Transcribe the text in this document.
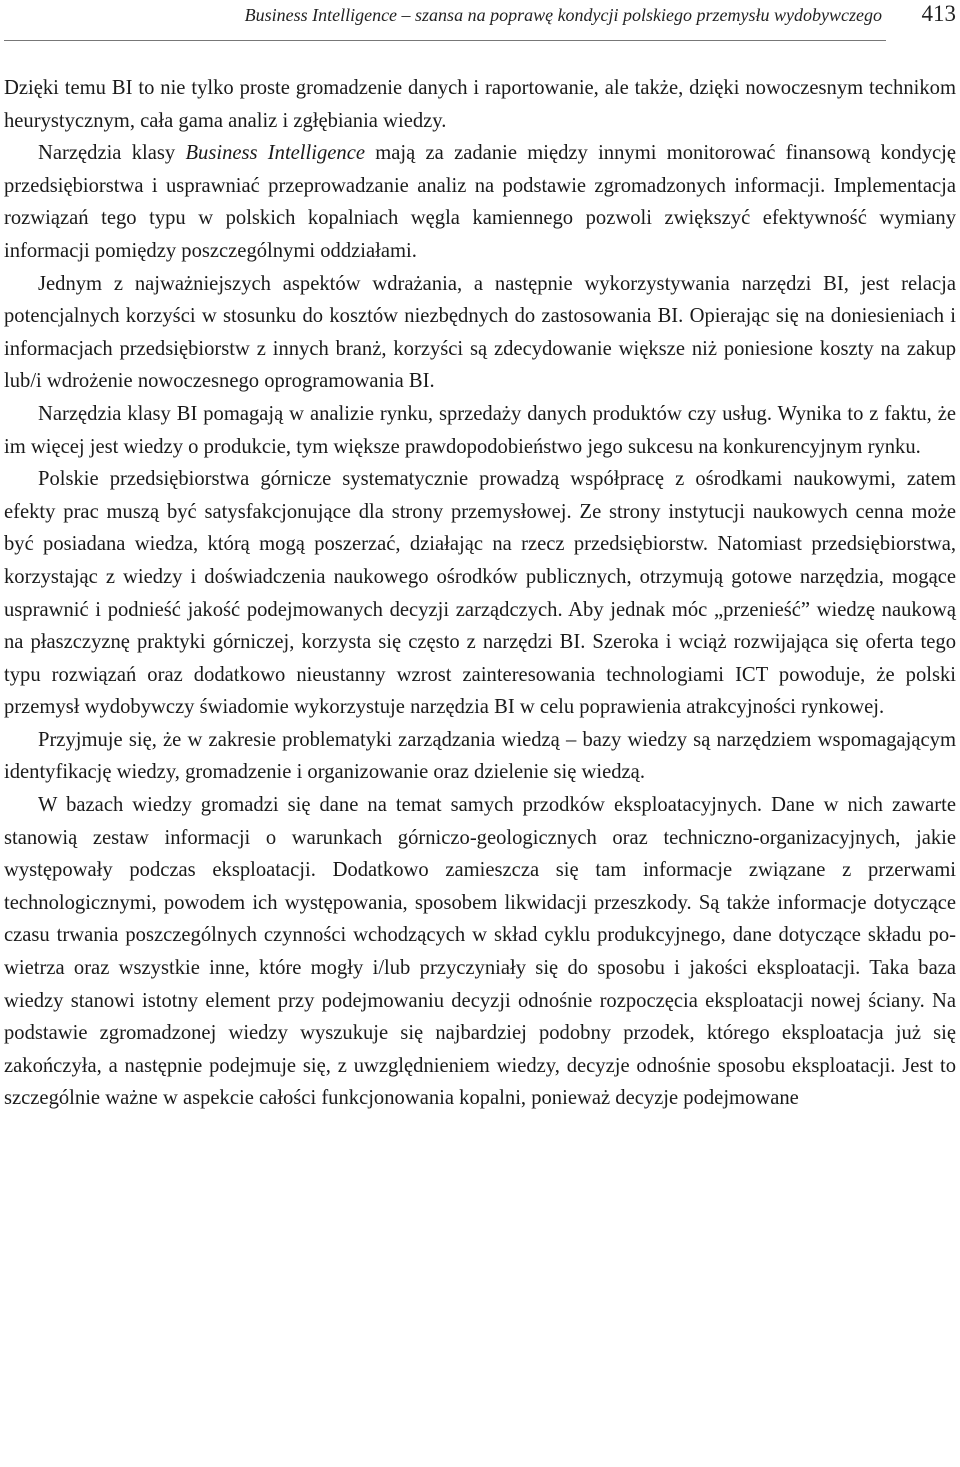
Business Intelligence – szansa na poprawę kondycji polskiego przemysłu wydobywczego	413

Dzięki temu BI to nie tylko proste gromadzenie danych i raportowanie, ale także, dzięki nowoczesnym technikom heurystycznym, cała gama analiz i zgłębiania wiedzy.

Narzędzia klasy Business Intelligence mają za zadanie między innymi monitorować finansową kondycję przedsiębiorstwa i usprawniać przeprowadzanie analiz na podstawie zgromadzonych informacji. Implementacja rozwiązań tego typu w polskich kopalniach węgla kamiennego pozwoli zwiększyć efektywność wymiany informacji pomiędzy poszczególnymi oddziałami.

Jednym z najważniejszych aspektów wdrażania, a następnie wykorzystywania narzędzi BI, jest relacja potencjalnych korzyści w stosunku do kosztów niezbędnych do zastosowania BI. Opierając się na doniesieniach i informacjach przedsiębiorstw z innych branż, korzyści są zdecydowanie większe niż poniesione koszty na zakup lub/i wdrożenie nowoczesnego oprogramowania BI.

Narzędzia klasy BI pomagają w analizie rynku, sprzedaży danych produktów czy usług. Wynika to z faktu, że im więcej jest wiedzy o produkcie, tym większe prawdopodobieństwo jego sukcesu na konkurencyjnym rynku.

Polskie przedsiębiorstwa górnicze systematycznie prowadzą współpracę z ośrodkami naukowymi, zatem efekty prac muszą być satysfakcjonujące dla strony przemysłowej. Ze strony instytucji naukowych cenna może być posiadana wiedza, którą mogą poszerzać, działając na rzecz przedsiębiorstw. Natomiast przedsiębiorstwa, korzystając z wiedzy i doświadczenia naukowego ośrodków publicznych, otrzymują gotowe narzędzia, mogące usprawnić i podnieść jakość podejmowanych decyzji zarządczych. Aby jednak móc „przenieść” wiedzę naukową na płaszczyznę praktyki górniczej, korzysta się często z narzędzi BI. Szeroka i wciąż rozwijająca się oferta tego typu rozwiązań oraz dodatkowo nieustanny wzrost zainteresowania technologiami ICT powoduje, że polski przemysł wydobywczy świadomie wykorzystuje narzędzia BI w celu poprawienia atrakcyjności rynkowej.

Przyjmuje się, że w zakresie problematyki zarządzania wiedzą – bazy wiedzy są narzędziem wspomagającym identyfikację wiedzy, gromadzenie i organizowanie oraz dzielenie się wiedzą.

W bazach wiedzy gromadzi się dane na temat samych przodków eksploatacyjnych. Dane w nich zawarte stanowią zestaw informacji o warunkach górniczo-geologicznych oraz techniczno-organizacyjnych, jakie występowały podczas eksploatacji. Dodatkowo zamieszcza się tam informacje związane z przerwami technologicznymi, powodem ich występowania, sposobem likwidacji przeszkody. Są także informacje dotyczące czasu trwania poszczególnych czynności wchodzących w skład cyklu produkcyjnego, dane dotyczące składu powietrza oraz wszystkie inne, które mogły i/lub przyczyniały się do sposobu i jakości eksploatacji. Taka baza wiedzy stanowi istotny element przy podejmowaniu decyzji odnośnie rozpoczęcia eksploatacji nowej ściany. Na podstawie zgromadzonej wiedzy wyszukuje się najbardziej podobny przodek, którego eksploatacja już się zakończyła, a następnie podejmuje się, z uwzględnieniem wiedzy, decyzje odnośnie sposobu eksploatacji. Jest to szczególnie ważne w aspekcie całości funkcjonowania kopalni, ponieważ decyzje podejmowane
